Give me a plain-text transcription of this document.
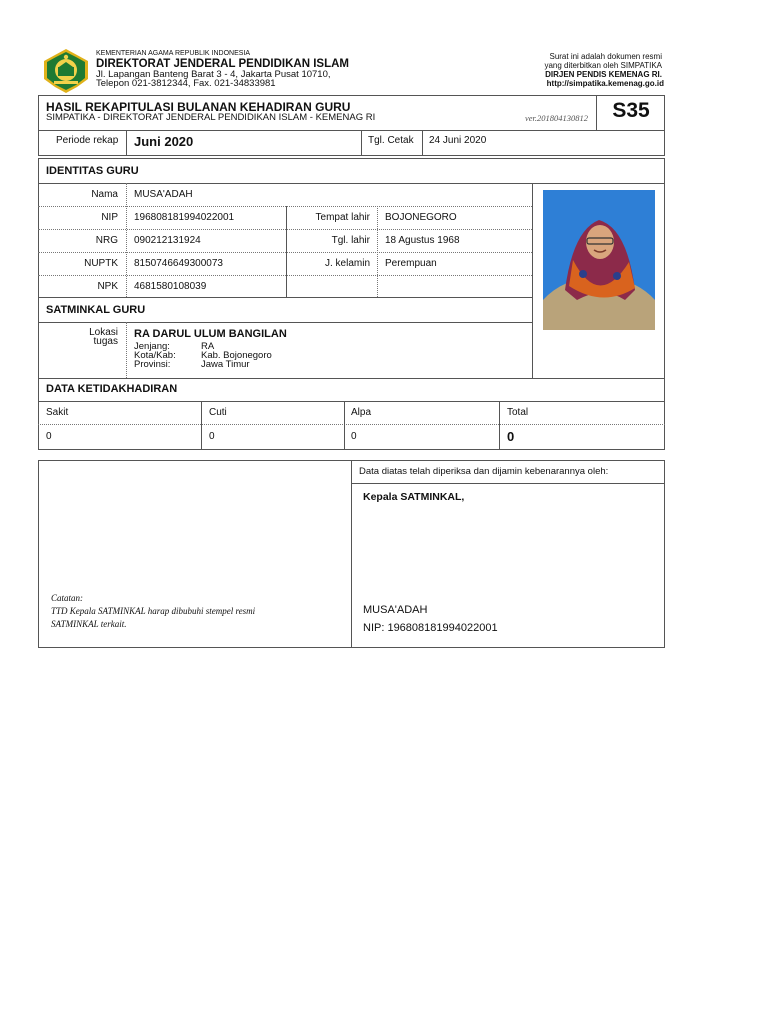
KEMENTERIAN AGAMA REPUBLIK INDONESIA
DIREKTORAT JENDERAL PENDIDIKAN ISLAM
Jl. Lapangan Banteng Barat 3 - 4, Jakarta Pusat 10710,
Telepon 021-3812344, Fax. 021-34833981
Surat ini adalah dokumen resmi
yang diterbitkan oleh SIMPATIKA
DIRJEN PENDIS KEMENAG RI.
http://simpatika.kemenag.go.id
HASIL REKAPITULASI BULANAN KEHADIRAN GURU
SIMPATIKA - DIREKTORAT JENDERAL PENDIDIKAN ISLAM - KEMENAG RI	ver.201804130812	S35
Periode rekap Juni 2020	Tgl. Cetak 24 Juni 2020
IDENTITAS GURU
Nama MUSA'ADAH
NIP 196808181994022001	Tempat lahir BOJONEGORO
NRG 090212131924	Tgl. lahir 18 Agustus 1968
NUPTK 8150746649300073	J. kelamin Perempuan
NPK 4681580108039
SATMINKAL GURU
Lokasi
tugas
RA DARUL ULUM BANGILAN
Jenjang:	RA
Kota/Kab:	Kab. Bojonegoro
Provinsi:	Jawa Timur
DATA KETIDAKHADIRAN
Sakit	Cuti	Alpa	Total
0	0	0	0
Catatan:
TTD Kepala SATMINKAL harap dibubuhi stempel resmi
SATMINKAL terkait.
Data diatas telah diperiksa dan dijamin kebenarannya oleh:
Kepala SATMINKAL,
MUSA'ADAH
NIP: 196808181994022001
